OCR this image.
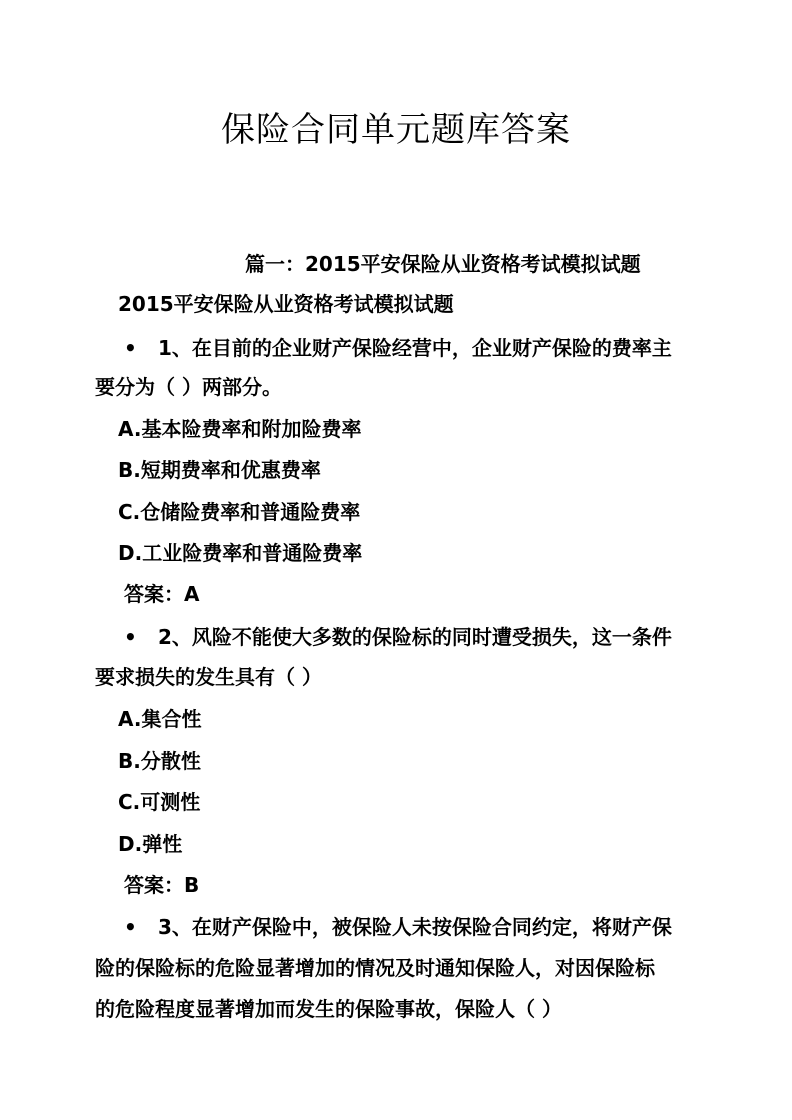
保险合同单元题库答案
篇一：2015平安保险从业资格考试模拟试题
2015平安保险从业资格考试模拟试题
• 1、在目前的企业财产保险经营中，企业财产保险的费率主
要分为（ ）两部分。
A.基本险费率和附加险费率
B.短期费率和优惠费率
C.仓储险费率和普通险费率
D.工业险费率和普通险费率
答案：A
• 2、风险不能使大多数的保险标的同时遭受损失，这一条件
要求损失的发生具有（ ）
A.集合性
B.分散性
C.可测性
D.弹性
答案：B
• 3、在财产保险中，被保险人未按保险合同约定，将财产保
险的保险标的危险显著增加的情况及时通知保险人，对因保险标
的危险程度显著增加而发生的保险事故，保险人（ ）
